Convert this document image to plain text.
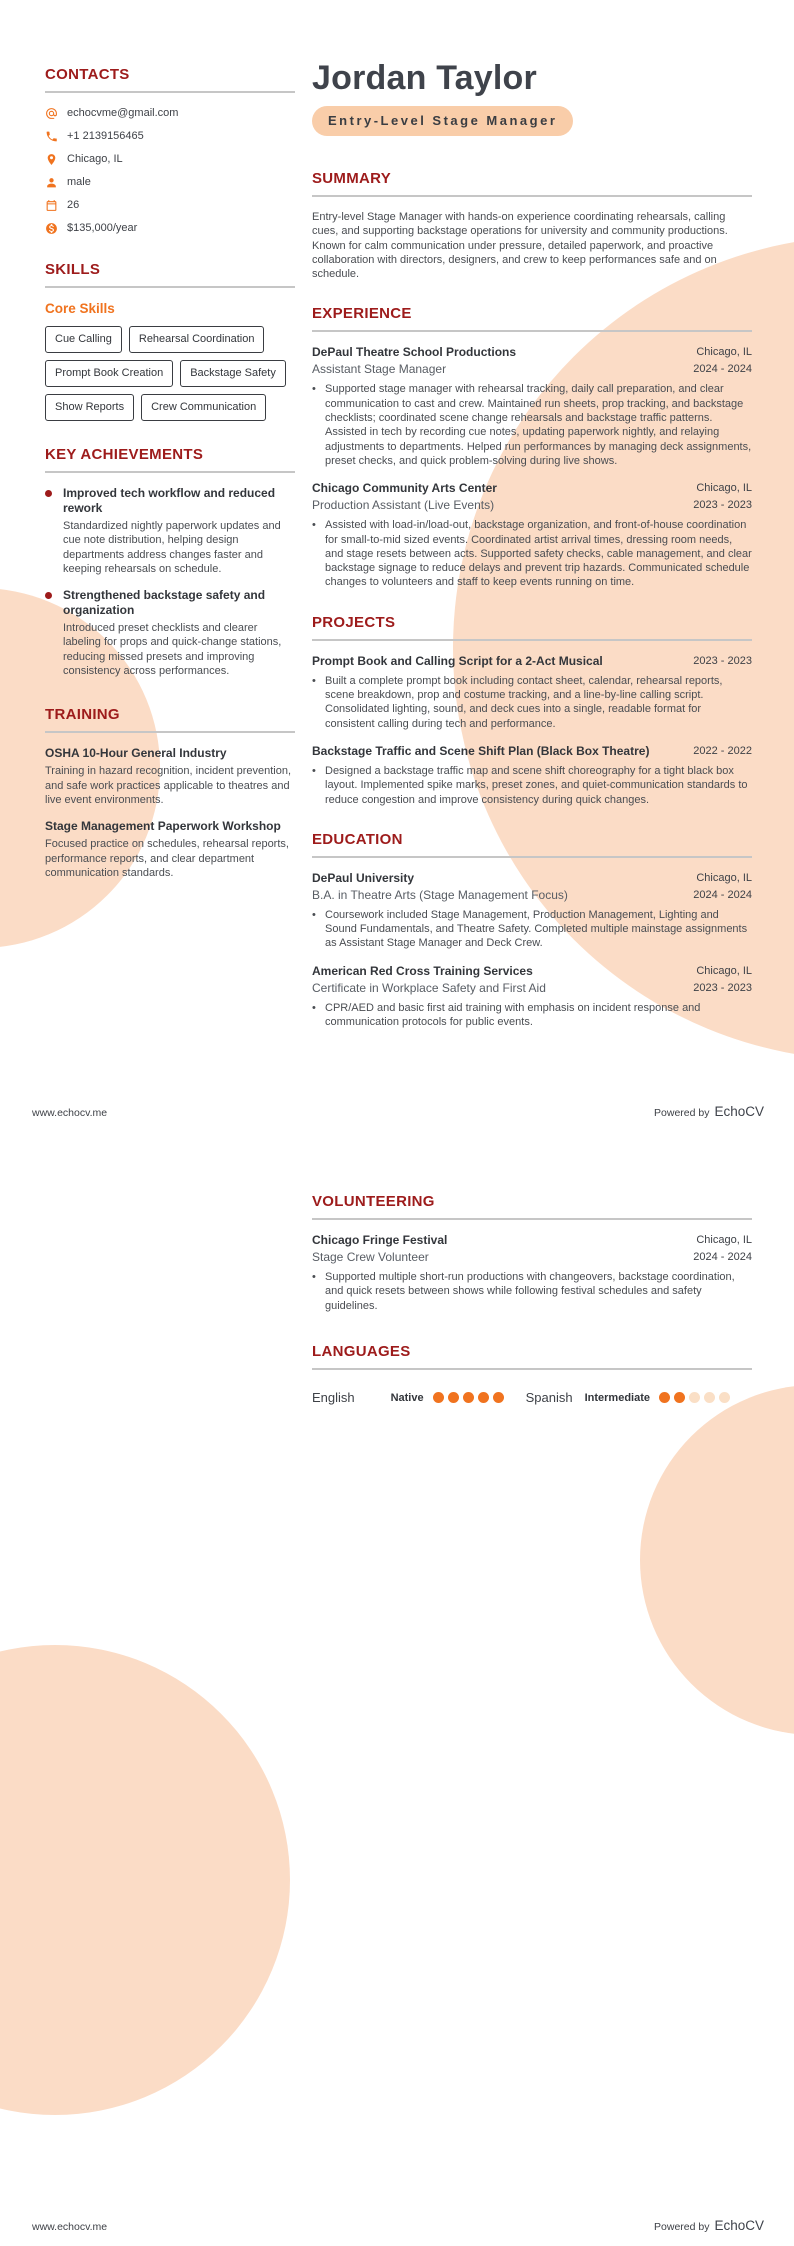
CONTACTS
echocvme@gmail.com
+1 2139156465
Chicago, IL
male
26
$135,000/year
SKILLS

Core Skills

Cue Calling Rehearsal CoordinationPrompt Book Creation Backstage SafetyShow Reports Crew Communication
KEY ACHIEVEMENTS
Improved tech workflow and reduced rework
Standardized nightly paperwork updates and cue note distribution, helping design departments address changes faster and keeping rehearsals on schedule.
Strengthened backstage safety and organization
Introduced preset checklists and clearer labeling for props and quick-change stations, reducing missed presets and improving consistency across performances.
TRAINING
OSHA 10-Hour General Industry
Training in hazard recognition, incident prevention, and safe work practices applicable to theatres and live event environments.
Stage Management Paperwork Workshop
Focused practice on schedules, rehearsal reports, performance reports, and clear department communication standards.
Jordan Taylor
Entry-Level Stage Manager
SUMMARY

Entry-level Stage Manager with hands-on experience coordinating rehearsals, calling cues, and supporting backstage operations for university and community productions. Known for calm communication under pressure, detailed paperwork, and proactive collaboration with directors, designers, and crew to keep performances safe and on schedule.

EXPERIENCE
DePaul Theatre School Productions
Assistant Stage Manager
Chicago, IL
2024 - 2024
• Supported stage manager with rehearsal tracking, daily call preparation, and clear communication to cast and crew. Maintained run sheets, prop tracking, and backstage checklists; coordinated scene change rehearsals and backstage traffic patterns. Assisted in tech by recording cue notes, updating paperwork nightly, and relaying adjustments to departments. Helped run performances by managing deck assignments, preset checks, and quick problem-solving during live shows.
Chicago Community Arts Center
Production Assistant (Live Events)
Chicago, IL
2023 - 2023
• Assisted with load-in/load-out, backstage organization, and front-of-house coordination for small-to-mid sized events. Coordinated artist arrival times, dressing room needs, and stage resets between acts. Supported safety checks, cable management, and clear backstage signage to reduce delays and prevent trip hazards. Communicated schedule changes to volunteers and staff to keep events running on time.
PROJECTS
Prompt Book and Calling Script for a 2-Act Musical	2023 - 2023
• Built a complete prompt book including contact sheet, calendar, rehearsal reports, scene breakdown, prop and costume tracking, and a line-by-line calling script. Consolidated lighting, sound, and deck cues into a single, readable format for consistent calling during tech and performance.
Backstage Traffic and Scene Shift Plan (Black Box Theatre)	2022 - 2022
• Designed a backstage traffic map and scene shift choreography for a tight black box layout. Implemented spike marks, preset zones, and quiet-communication standards to reduce congestion and improve consistency during quick changes.
EDUCATION
DePaul University
B.A. in Theatre Arts (Stage Management Focus)
Chicago, IL
2024 - 2024
• Coursework included Stage Management, Production Management, Lighting and Sound Fundamentals, and Theatre Safety. Completed multiple mainstage assignments as Assistant Stage Manager and Deck Crew.
American Red Cross Training Services
Certificate in Workplace Safety and First Aid
Chicago, IL
2023 - 2023
• CPR/AED and basic first aid training with emphasis on incident response and communication protocols for public events.
VOLUNTEERING
Chicago Fringe Festival
Stage Crew Volunteer
Chicago, IL
2024 - 2024
• Supported multiple short-run productions with changeovers, backstage coordination, and quick resets between shows while following festival schedules and safety guidelines.
LANGUAGES
English	Native	Spanish Intermediate
www.echocv.me	Powered by EchoCV
www.echocv.me	Powered by EchoCV
